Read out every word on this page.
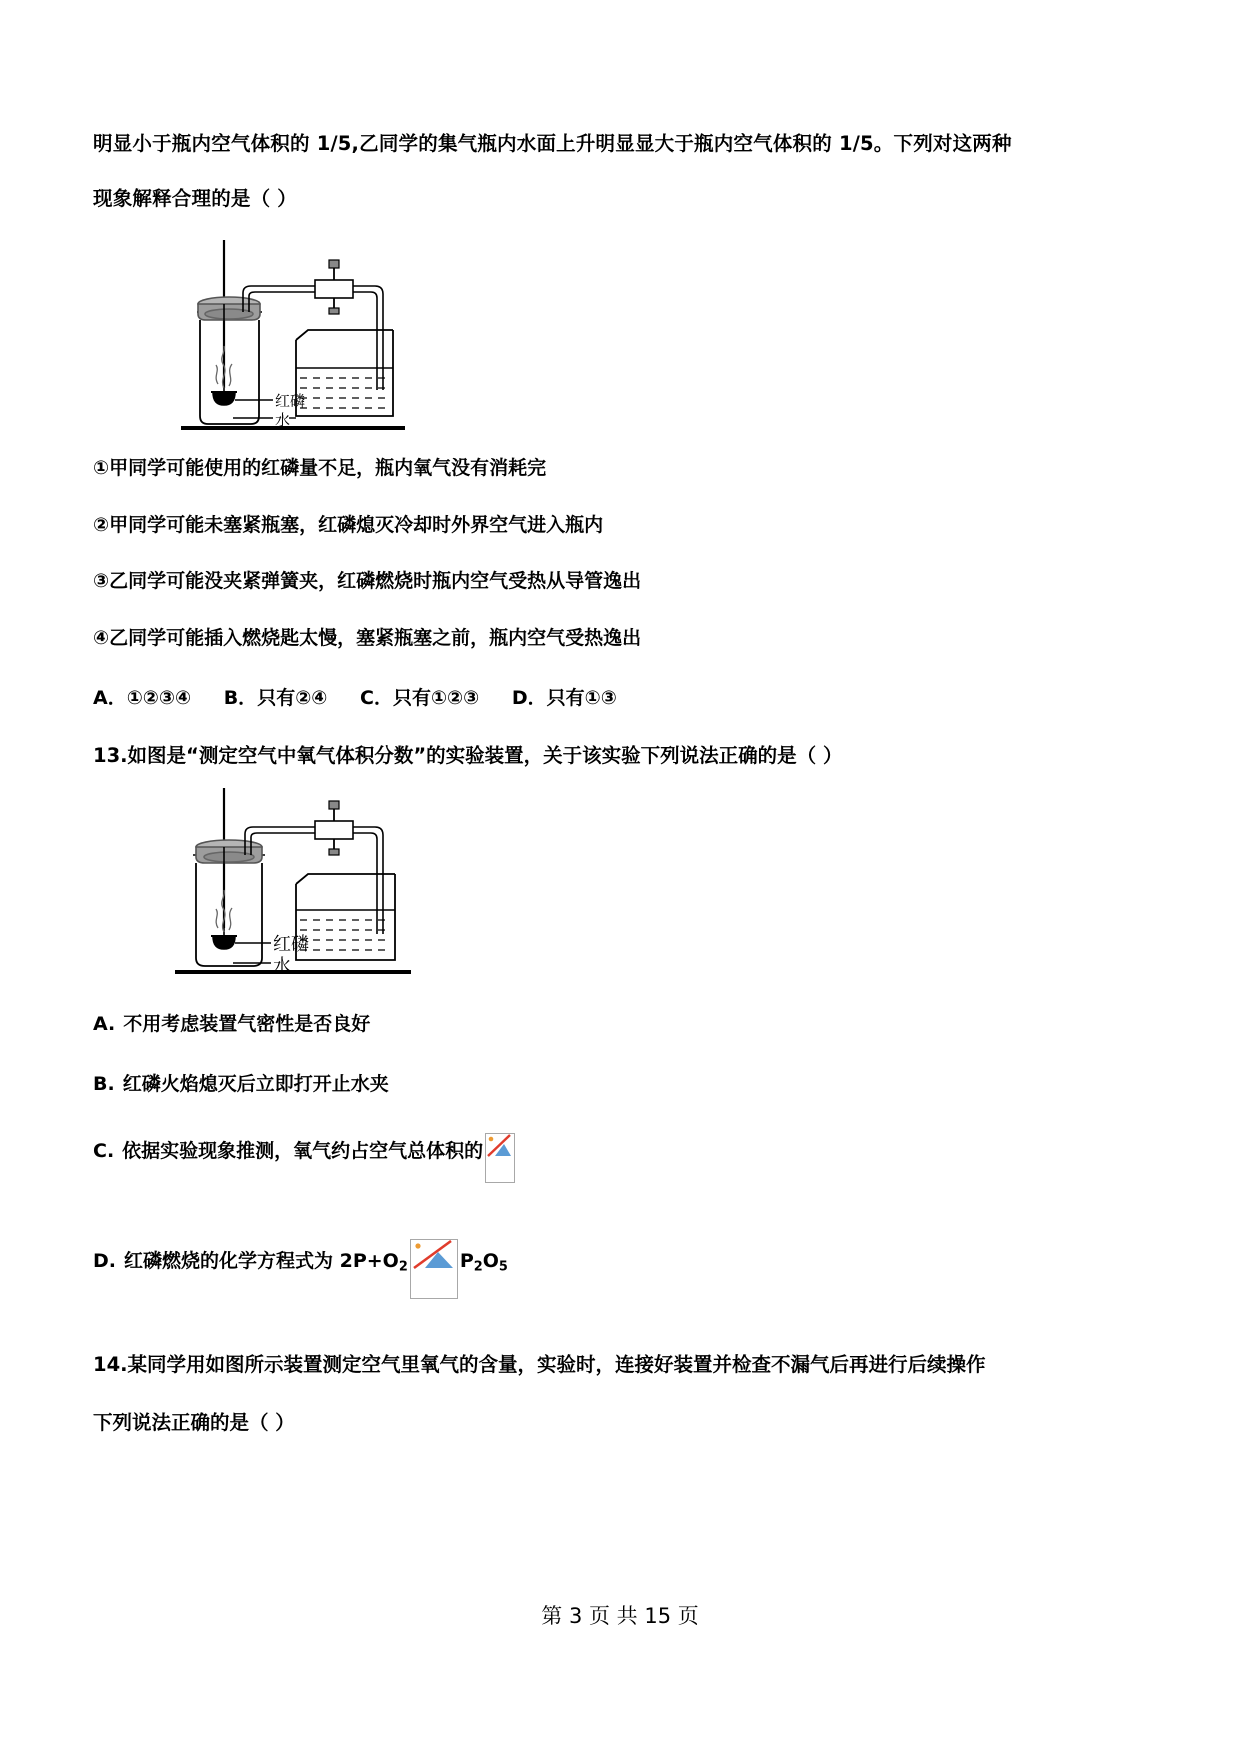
明显小于瓶内空气体积的 1/5,乙同学的集气瓶内水面上升明显显大于瓶内空气体积的 1/5。下列对这两种

现象解释合理的是（ ）

红磷
水

①甲同学可能使用的红磷量不足，瓶内氧气没有消耗完

②甲同学可能未塞紧瓶塞，红磷熄灭冷却时外界空气进入瓶内

③乙同学可能没夹紧弹簧夹，红磷燃烧时瓶内空气受热从导管逸出

④乙同学可能插入燃烧匙太慢，塞紧瓶塞之前，瓶内空气受热逸出

A．①②③④ B．只有②④ C．只有①②③ D．只有①③

13.如图是“测定空气中氧气体积分数”的实验装置，关于该实验下列说法正确的是（ ）

红磷
水

A. 不用考虑装置气密性是否良好

B. 红磷火焰熄灭后立即打开止水夹

C. 依据实验现象推测，氧气约占空气总体积的

D. 红磷燃烧的化学方程式为 $2P+O_2$	$P_2O_5$

14.某同学用如图所示装置测定空气里氧气的含量，实验时，连接好装置并检查不漏气后再进行后续操作

下列说法正确的是（ ）

第 3 页 共 15 页
